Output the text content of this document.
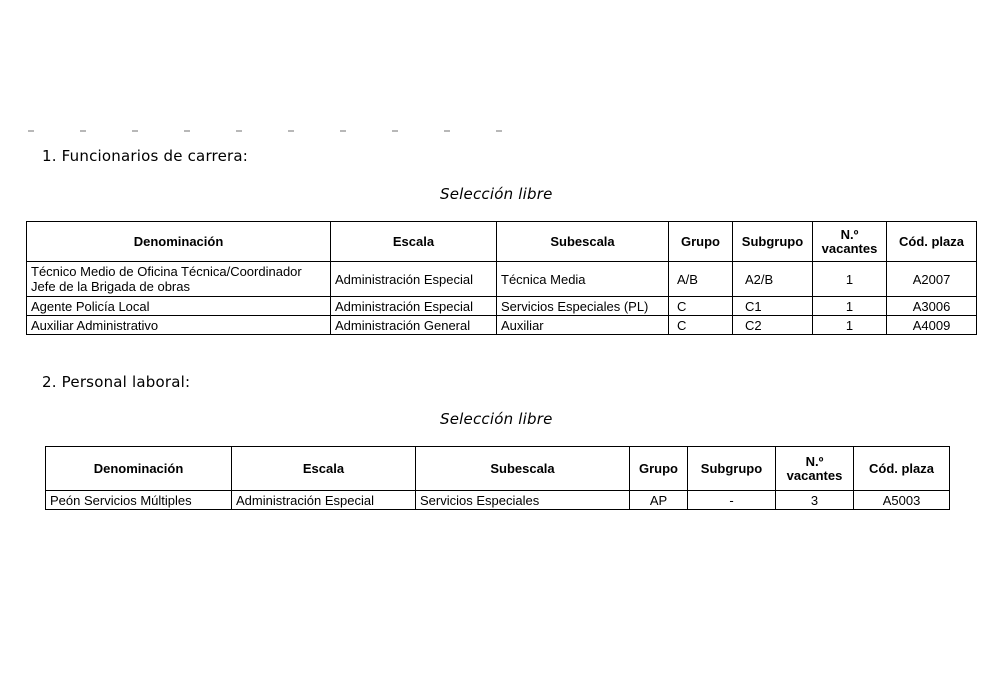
1. Funcionarios de carrera:
Selección libre
Denominación	Escala	Subescala	Grupo	Subgrupo	N.º vacantes	Cód. plaza
Técnico Medio de Oficina Técnica/Coordinador Jefe de la Brigada de obras	Administración Especial	Técnica Media	A/B	A2/B	1	A2007
Agente Policía Local	Administración Especial	Servicios Especiales (PL)	C	C1	1	A3006
Auxiliar Administrativo	Administración General	Auxiliar	C	C2	1	A4009
2. Personal laboral:
Selección libre
Denominación	Escala	Subescala	Grupo	Subgrupo	N.º vacantes	Cód. plaza
Peón Servicios Múltiples	Administración Especial	Servicios Especiales	AP	-	3	A5003
